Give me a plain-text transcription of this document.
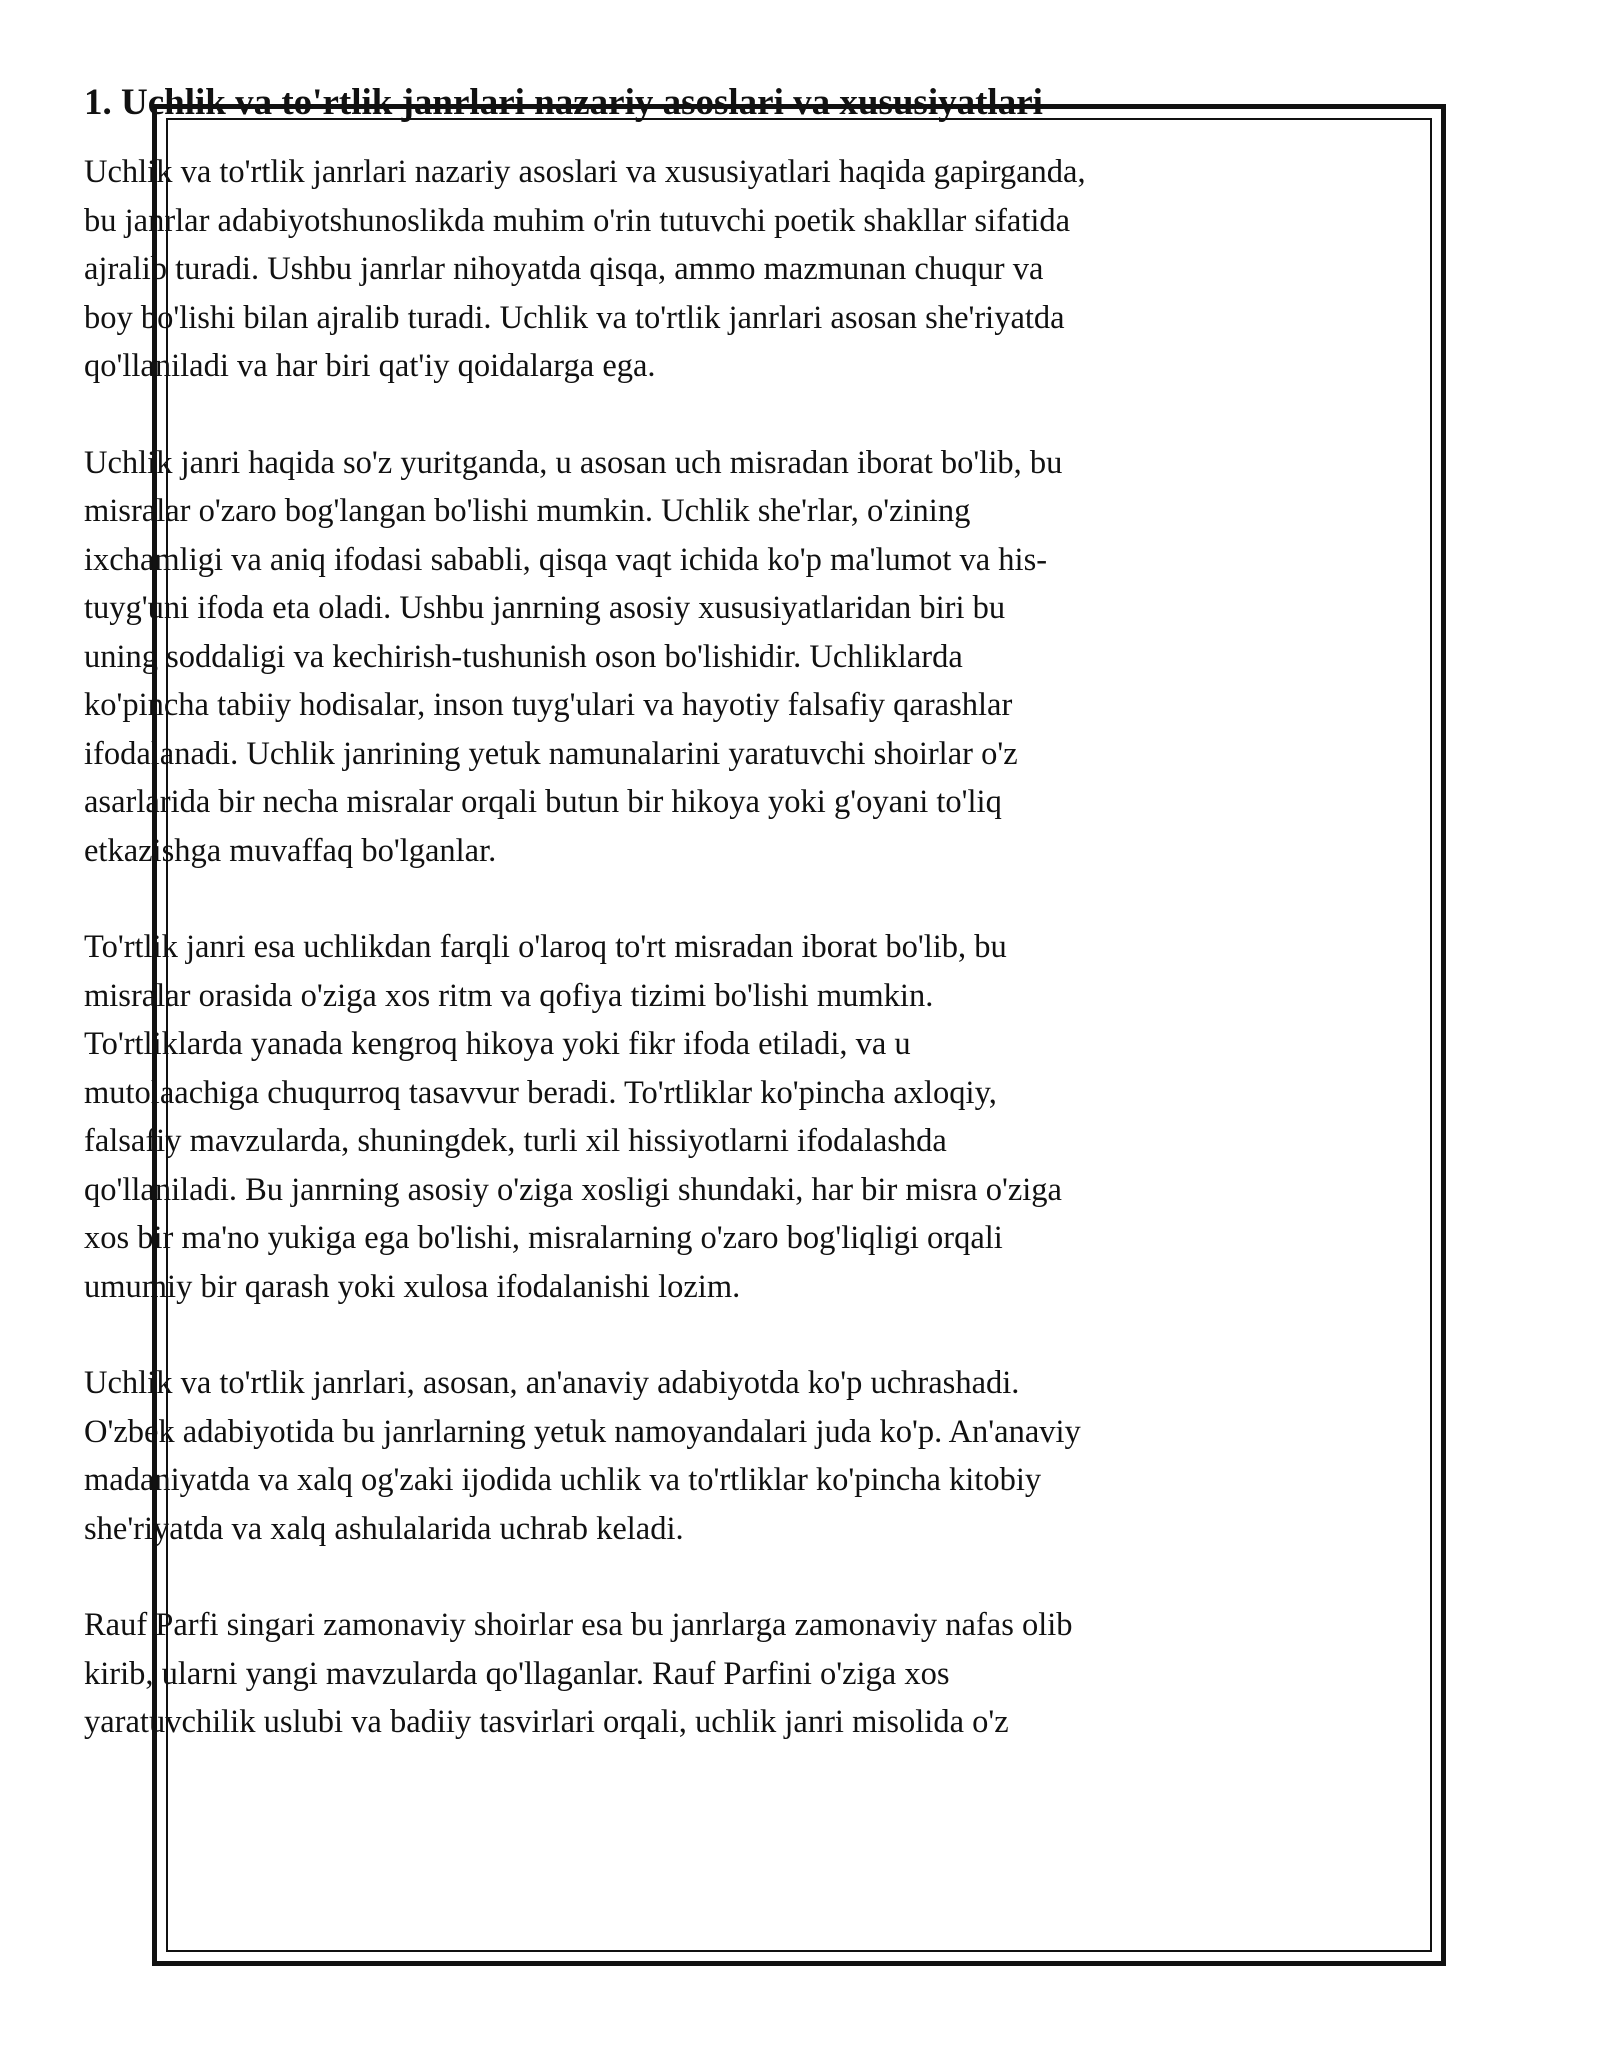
1. Uchlik va to'rtlik janrlari nazariy asoslari va xususiyatlari

Uchlik va to'rtlik janrlari nazariy asoslari va xususiyatlari haqida gapirganda,
bu janrlar adabiyotshunoslikda muhim o'rin tutuvchi poetik shakllar sifatida
ajralib turadi. Ushbu janrlar nihoyatda qisqa, ammo mazmunan chuqur va
boy bo'lishi bilan ajralib turadi. Uchlik va to'rtlik janrlari asosan she'riyatda
qo'llaniladi va har biri qat'iy qoidalarga ega.

Uchlik janri haqida so'z yuritganda, u asosan uch misradan iborat bo'lib, bu
misralar o'zaro bog'langan bo'lishi mumkin. Uchlik she'rlar, o'zining
ixchamligi va aniq ifodasi sababli, qisqa vaqt ichida ko'p ma'lumot va his-
tuyg'uni ifoda eta oladi. Ushbu janrning asosiy xususiyatlaridan biri bu
uning soddaligi va kechirish-tushunish oson bo'lishidir. Uchliklarda
ko'pincha tabiiy hodisalar, inson tuyg'ulari va hayotiy falsafiy qarashlar
ifodalanadi. Uchlik janrining yetuk namunalarini yaratuvchi shoirlar o'z
asarlarida bir necha misralar orqali butun bir hikoya yoki g'oyani to'liq
etkazishga muvaffaq bo'lganlar.

To'rtlik janri esa uchlikdan farqli o'laroq to'rt misradan iborat bo'lib, bu
misralar orasida o'ziga xos ritm va qofiya tizimi bo'lishi mumkin.
To'rtliklarda yanada kengroq hikoya yoki fikr ifoda etiladi, va u
mutolaachiga chuqurroq tasavvur beradi. To'rtliklar ko'pincha axloqiy,
falsafiy mavzularda, shuningdek, turli xil hissiyotlarni ifodalashda
qo'llaniladi. Bu janrning asosiy o'ziga xosligi shundaki, har bir misra o'ziga
xos bir ma'no yukiga ega bo'lishi, misralarning o'zaro bog'liqligi orqali
umumiy bir qarash yoki xulosa ifodalanishi lozim.

Uchlik va to'rtlik janrlari, asosan, an'anaviy adabiyotda ko'p uchrashadi.
O'zbek adabiyotida bu janrlarning yetuk namoyandalari juda ko'p. An'anaviy
madaniyatda va xalq og'zaki ijodida uchlik va to'rtliklar ko'pincha kitobiy
she'riyatda va xalq ashulalarida uchrab keladi.

Rauf Parfi singari zamonaviy shoirlar esa bu janrlarga zamonaviy nafas olib
kirib, ularni yangi mavzularda qo'llaganlar. Rauf Parfini o'ziga xos
yaratuvchilik uslubi va badiiy tasvirlari orqali, uchlik janri misolida o'z
